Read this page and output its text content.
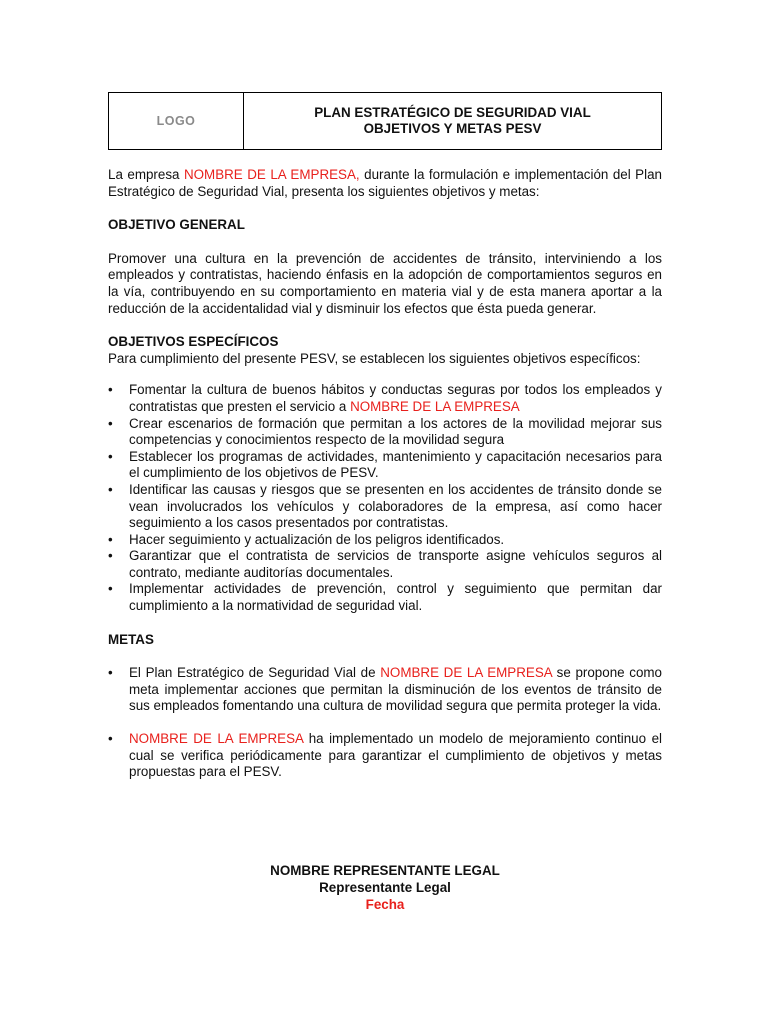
LOGO	
PLAN ESTRATÉGICO DE SEGURIDAD VIAL
OBJETIVOS Y METAS PESV

La empresa NOMBRE DE LA EMPRESA, durante la formulación e implementación del Plan Estratégico de Seguridad Vial, presenta los siguientes objetivos y metas:

OBJETIVO GENERAL

Promover una cultura en la prevención de accidentes de tránsito, interviniendo a los empleados y contratistas, haciendo énfasis en la adopción de comportamientos seguros en la vía, contribuyendo en su comportamiento en materia vial y de esta manera aportar a la reducción de la accidentalidad vial y disminuir los efectos que ésta pueda generar.

OBJETIVOS ESPECÍFICOS

Para cumplimiento del presente PESV, se establecen los siguientes objetivos específicos:

• Fomentar la cultura de buenos hábitos y conductas seguras por todos los empleados y contratistas que presten el servicio a NOMBRE DE LA EMPRESA
• Crear escenarios de formación que permitan a los actores de la movilidad mejorar sus competencias y conocimientos respecto de la movilidad segura
• Establecer los programas de actividades, mantenimiento y capacitación necesarios para el cumplimiento de los objetivos de PESV.
• Identificar las causas y riesgos que se presenten en los accidentes de tránsito donde se vean involucrados los vehículos y colaboradores de la empresa, así como hacer seguimiento a los casos presentados por contratistas.
• Hacer seguimiento y actualización de los peligros identificados.
• Garantizar que el contratista de servicios de transporte asigne vehículos seguros al contrato, mediante auditorías documentales.
• Implementar actividades de prevención, control y seguimiento que permitan dar cumplimiento a la normatividad de seguridad vial.
METAS
• El Plan Estratégico de Seguridad Vial de NOMBRE DE LA EMPRESA se propone como meta implementar acciones que permitan la disminución de los eventos de tránsito de sus empleados fomentando una cultura de movilidad segura que permita proteger la vida.
• NOMBRE DE LA EMPRESA ha implementado un modelo de mejoramiento continuo el cual se verifica periódicamente para garantizar el cumplimiento de objetivos y metas propuestas para el PESV.
NOMBRE REPRESENTANTE LEGAL
Representante Legal
Fecha
